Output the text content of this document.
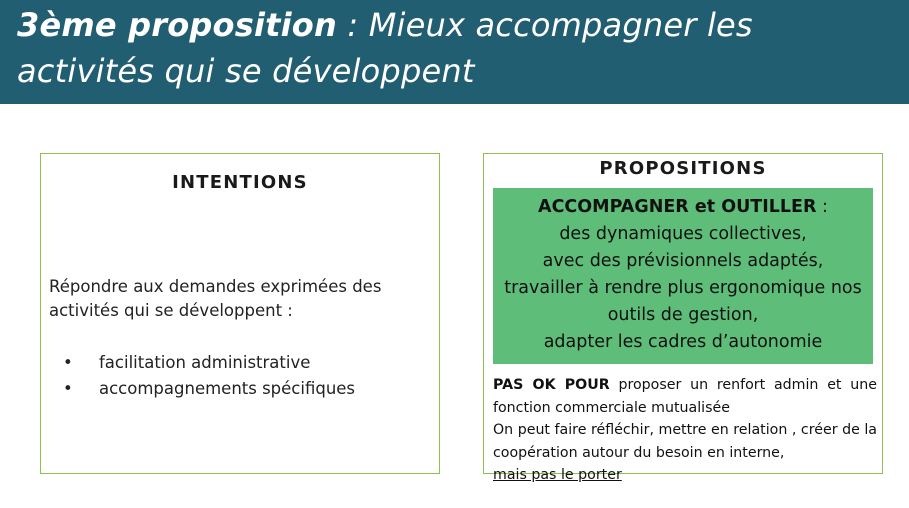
3ème proposition : Mieux accompagner les activités qui se développent
INTENTIONS

Répondre aux demandes exprimées des activités qui se développent :

• facilitation administrative
• accompagnements spécifiques
PROPOSITIONS
ACCOMPAGNER et OUTILLER :
des dynamiques collectives,
avec des prévisionnels adaptés,
travailler à rendre plus ergonomique nos
outils de gestion,
adapter les cadres d’autonomie

PAS OK POUR proposer un renfort admin et une fonction commerciale mutualisée
On peut faire réfléchir, mettre en relation , créer de la coopération autour du besoin en interne,
mais pas le porter
